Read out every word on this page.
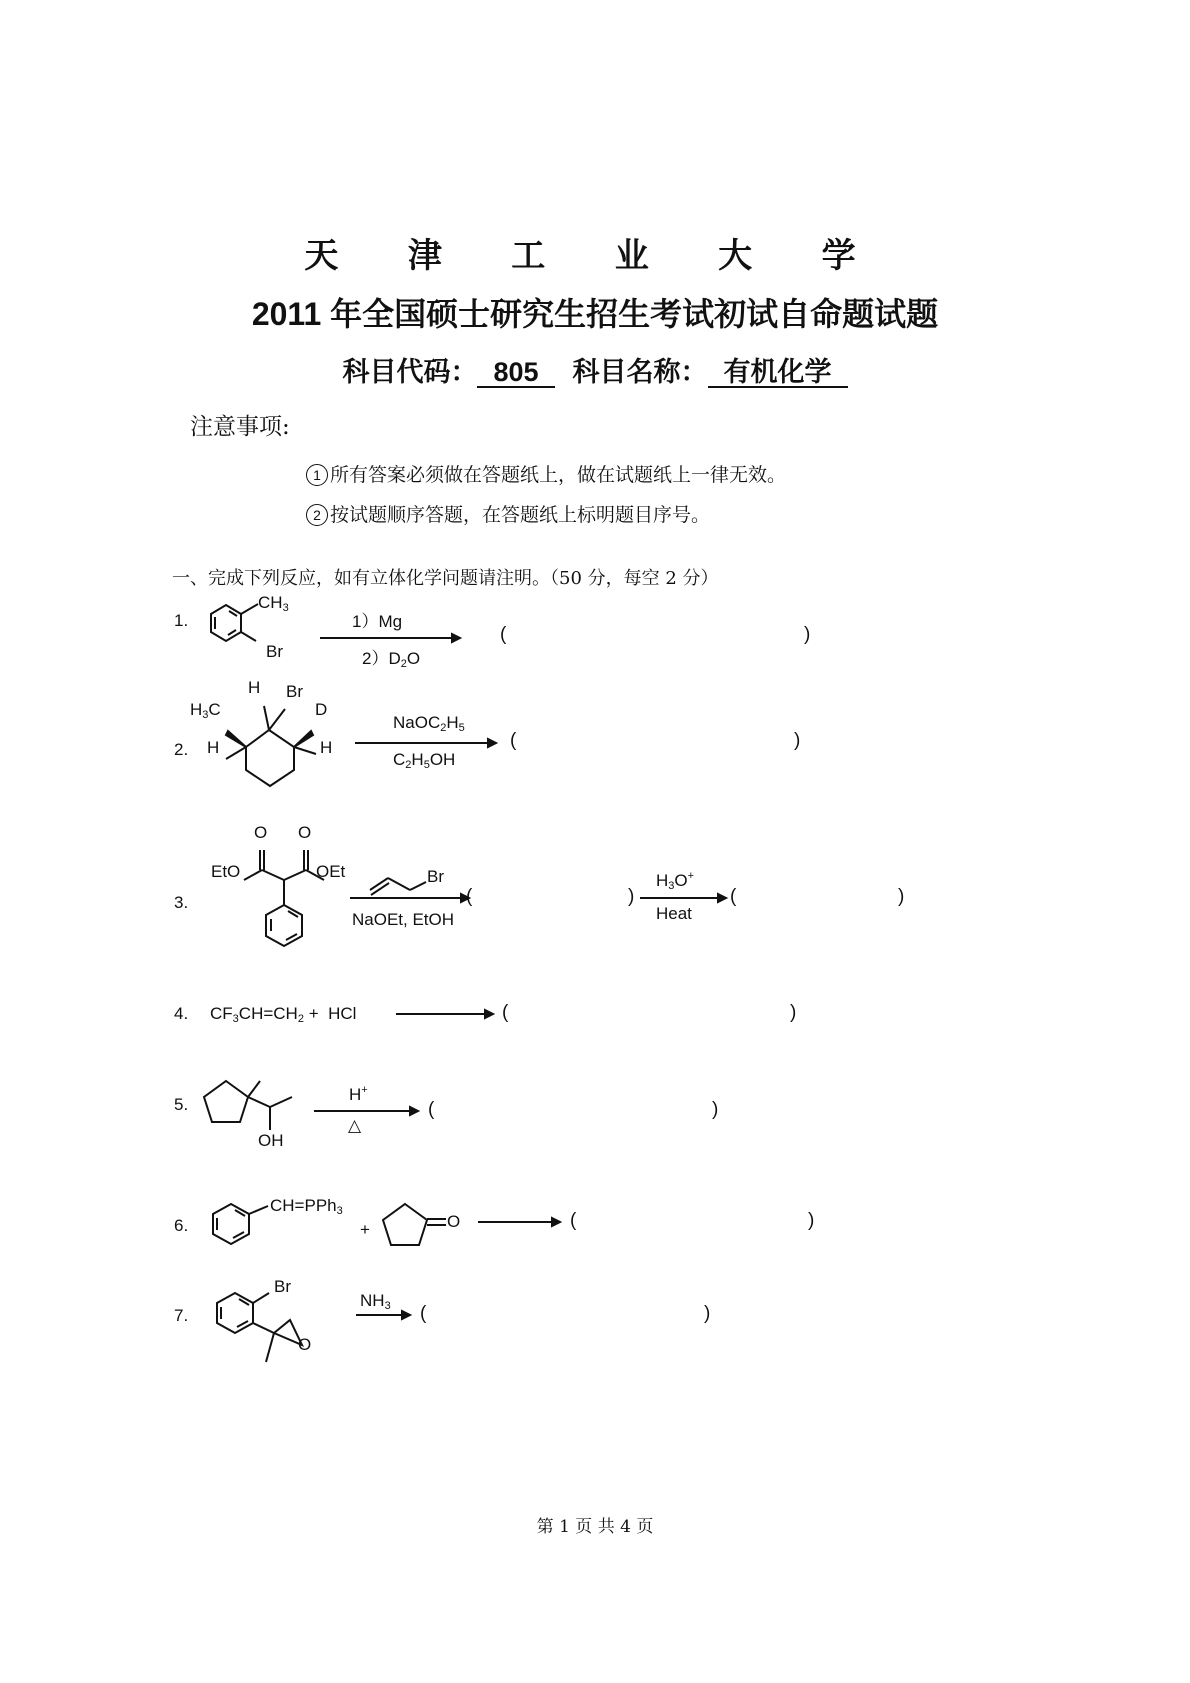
天 津 工 业 大 学
2011 年全国硕士研究生招生考试初试自命题试题
科目代码： 805 科目名称： 有机化学
注意事项:
1 所有答案必须做在答题纸上，做在试题纸上一律无效。
2 按试题顺序答题，在答题纸上标明题目序号。
一、完成下列反应，如有立体化学问题请注明。（50 分，每空 2 分）
1.
$CH_3$
Br
1）Mg
$2)D_2O$
(	)
2.
H Br
$H_3C$	D
H	H
$NaOC_2H_5$
$C_2H_5OH$
(	)
3.
O O
EtO	OEt	Br
NaOEt, EtOH
(	)
$H_3O^+$
Heat
(	)
4. $CF_3CH=CH_2$ +  HCl	(	)
5.
OH
H+
△
(	)
6.
CH=PPh$_3$
+	O	(	)
7.
Br
O
$NH_3$ (	)
第 1 页 共 4 页
